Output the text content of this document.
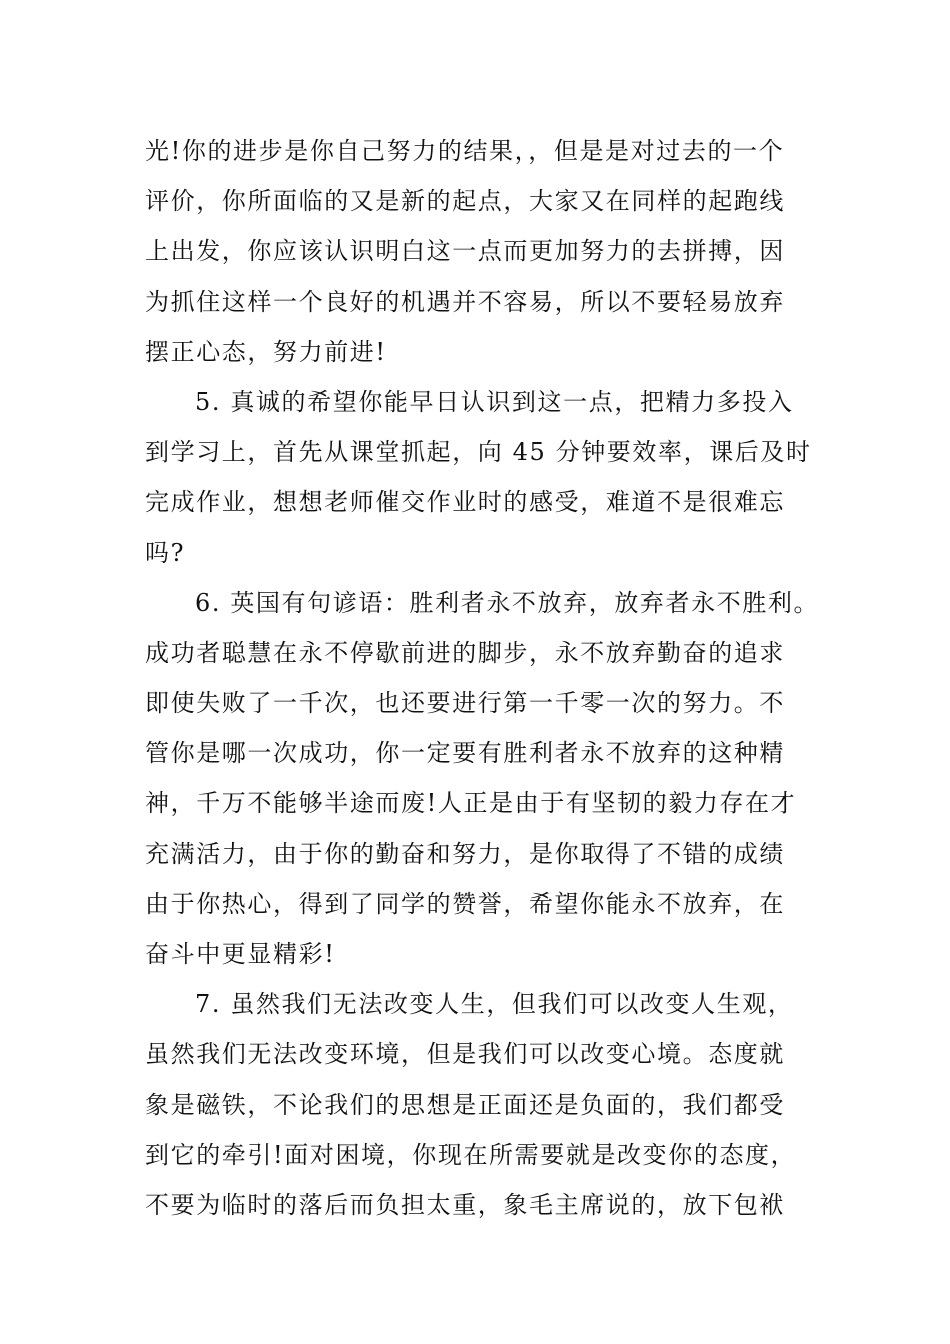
光!你的进步是你自己努力的结果，，但是是对过去的一个
评价，你所面临的又是新的起点，大家又在同样的起跑线
上出发，你应该认识明白这一点而更加努力的去拼搏，因
为抓住这样一个良好的机遇并不容易，所以不要轻易放弃
摆正心态，努力前进!
5. 真诚的希望你能早日认识到这一点，把精力多投入
到学习上，首先从课堂抓起，向 45 分钟要效率，课后及时
完成作业，想想老师催交作业时的感受，难道不是很难忘
吗?
6. 英国有句谚语：胜利者永不放弃，放弃者永不胜利。
成功者聪慧在永不停歇前进的脚步，永不放弃勤奋的追求
即使失败了一千次，也还要进行第一千零一次的努力。不
管你是哪一次成功，你一定要有胜利者永不放弃的这种精
神，千万不能够半途而废!人正是由于有坚韧的毅力存在才
充满活力，由于你的勤奋和努力，是你取得了不错的成绩
由于你热心，得到了同学的赞誉，希望你能永不放弃，在
奋斗中更显精彩!
7. 虽然我们无法改变人生，但我们可以改变人生观，
虽然我们无法改变环境，但是我们可以改变心境。态度就
象是磁铁，不论我们的思想是正面还是负面的，我们都受
到它的牵引!面对困境，你现在所需要就是改变你的态度，
不要为临时的落后而负担太重，象毛主席说的，放下包袱
